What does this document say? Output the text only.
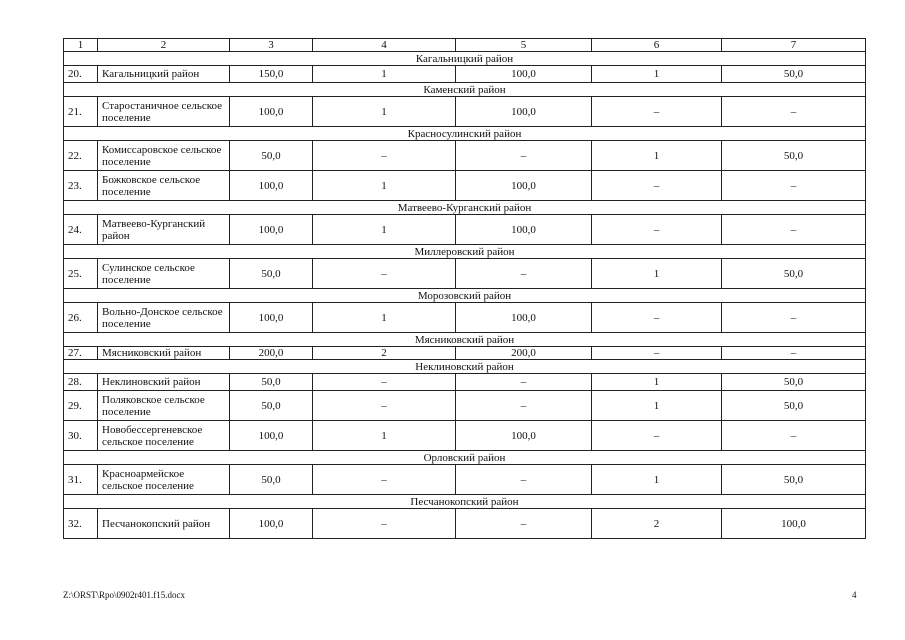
1	2	3	4	5	6	7
Кагальницкий район						
20.	Кагальницкий район	150,0	1	100,0	1	50,0
Каменский район						
21.	Старостаничное сельское поселение	100,0	1	100,0	–	–
Красносулинский район						
22.	Комиссаровское сельское поселение	50,0	–	–	1	50,0
23.	Божковское сельское поселение	100,0	1	100,0	–	–
Матвеево-Курганский район						
24.	Матвеево-Курганский район	100,0	1	100,0	–	–
Миллеровский район						
25.	Сулинское сельское поселение	50,0	–	–	1	50,0
Морозовский район						
26.	Вольно-Донское сельское поселение	100,0	1	100,0	–	–
Мясниковский район						
27.	Мясниковский район	200,0	2	200,0	–	–
Неклиновский район						
28.	Неклиновский район	50,0	–	–	1	50,0
29.	Поляковское сельское поселение	50,0	–	–	1	50,0
30.	Новобессергеневское сельское поселение	100,0	1	100,0	–	–
Орловский район						
31.	Красноармейское сельское поселение	50,0	–	–	1	50,0
Песчанокопский район						
32.	Песчанокопский район	100,0	–	–	2	100,0
Z:\ORST\Rpo\0902r401.f15.docx	4
